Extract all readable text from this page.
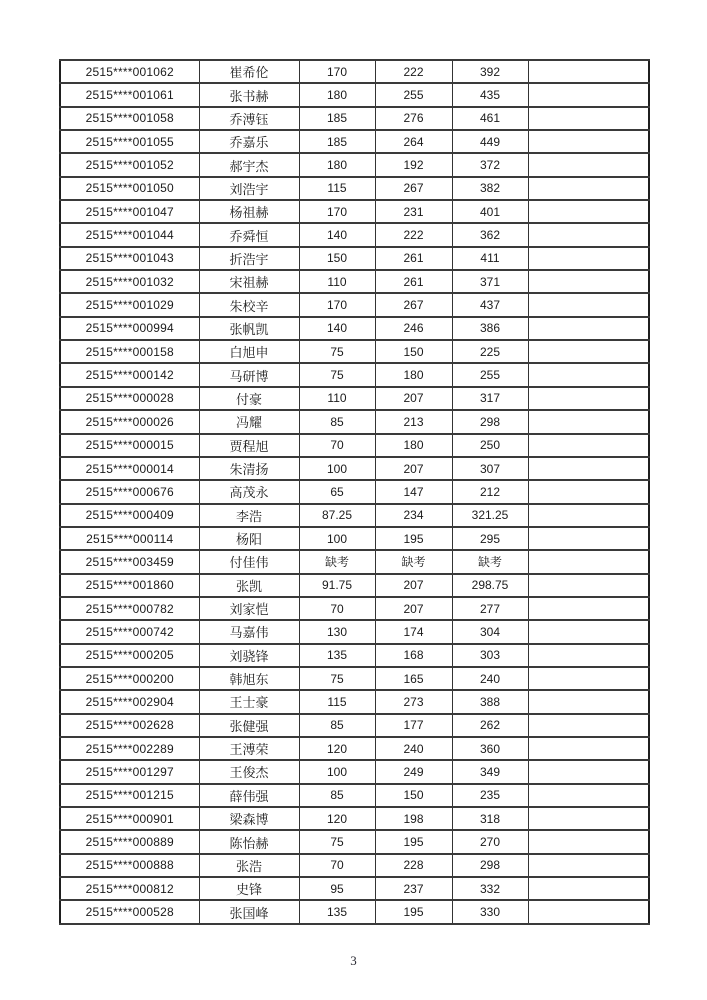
2515****001062	崔希伦	170	222	392	
2515****001061	张书赫	180	255	435	
2515****001058	乔溥钰	185	276	461	
2515****001055	乔嘉乐	185	264	449	
2515****001052	郝宇杰	180	192	372	
2515****001050	刘浩宇	115	267	382	
2515****001047	杨祖赫	170	231	401	
2515****001044	乔舜恒	140	222	362	
2515****001043	折浩宇	150	261	411	
2515****001032	宋祖赫	110	261	371	
2515****001029	朱校辛	170	267	437	
2515****000994	张帆凯	140	246	386	
2515****000158	白旭申	75	150	225	
2515****000142	马研博	75	180	255	
2515****000028	付豪	110	207	317	
2515****000026	冯耀	85	213	298	
2515****000015	贾程旭	70	180	250	
2515****000014	朱清扬	100	207	307	
2515****000676	高茂永	65	147	212	
2515****000409	李浩	87.25	234	321.25	
2515****000114	杨阳	100	195	295	
2515****003459	付佳伟	缺考	缺考	缺考	
2515****001860	张凯	91.75	207	298.75	
2515****000782	刘家恺	70	207	277	
2515****000742	马嘉伟	130	174	304	
2515****000205	刘骁锋	135	168	303	
2515****000200	韩旭东	75	165	240	
2515****002904	王士豪	115	273	388	
2515****002628	张健强	85	177	262	
2515****002289	王溥荣	120	240	360	
2515****001297	王俊杰	100	249	349	
2515****001215	薛伟强	85	150	235	
2515****000901	梁森博	120	198	318	
2515****000889	陈怡赫	75	195	270	
2515****000888	张浩	70	228	298	
2515****000812	史锋	95	237	332	
2515****000528	张国峰	135	195	330	
3
